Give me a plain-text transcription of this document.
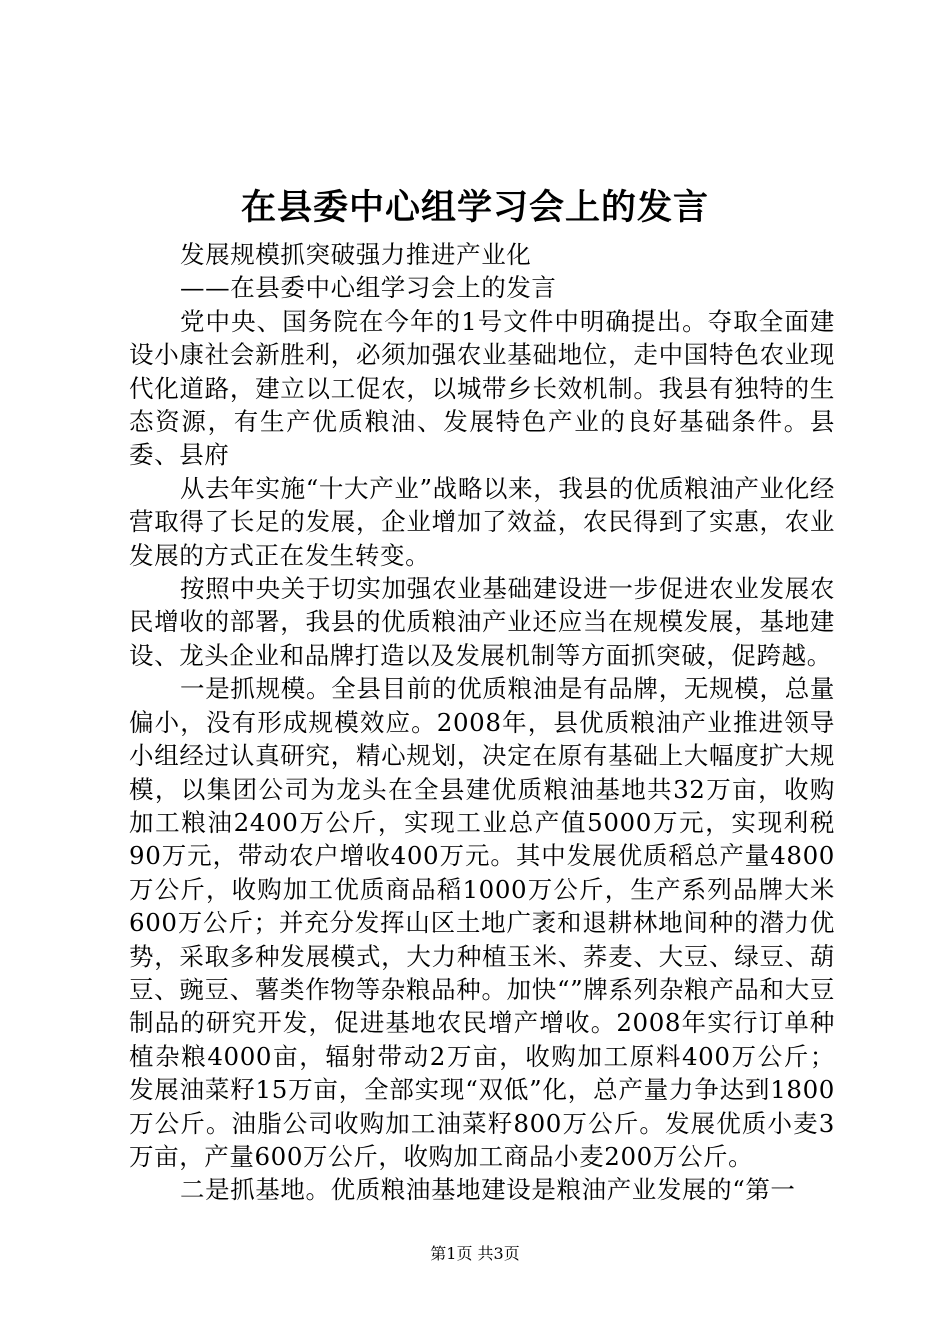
在县委中心组学习会上的发言

发展规模抓突破强力推进产业化

——在县委中心组学习会上的发言

党中央、国务院在今年的1号文件中明确提出。夺取全面建设小康社会新胜利，必须加强农业基础地位，走中国特色农业现代化道路，建立以工促农，以城带乡长效机制。我县有独特的生态资源，有生产优质粮油、发展特色产业的良好基础条件。县委、县府

从去年实施“十大产业”战略以来，我县的优质粮油产业化经营取得了长足的发展，企业增加了效益，农民得到了实惠，农业发展的方式正在发生转变。

按照中央关于切实加强农业基础建设进一步促进农业发展农民增收的部署，我县的优质粮油产业还应当在规模发展，基地建设、龙头企业和品牌打造以及发展机制等方面抓突破，促跨越。

一是抓规模。全县目前的优质粮油是有品牌，无规模，总量偏小，没有形成规模效应。2008年，县优质粮油产业推进领导小组经过认真研究，精心规划，决定在原有基础上大幅度扩大规模，以集团公司为龙头在全县建优质粮油基地共32万亩，收购加工粮油2400万公斤，实现工业总产值5000万元，实现利税90万元，带动农户增收400万元。其中发展优质稻总产量4800万公斤，收购加工优质商品稻1000万公斤，生产系列品牌大米600万公斤；并充分发挥山区土地广袤和退耕林地间种的潜力优势，采取多种发展模式，大力种植玉米、荞麦、大豆、绿豆、葫豆、豌豆、薯类作物等杂粮品种。加快“”牌系列杂粮产品和大豆制品的研究开发，促进基地农民增产增收。2008年实行订单种植杂粮4000亩，辐射带动2万亩，收购加工原料400万公斤；发展油菜籽15万亩，全部实现“双低”化，总产量力争达到1800万公斤。油脂公司收购加工油菜籽800万公斤。发展优质小麦3万亩，产量600万公斤，收购加工商品小麦200万公斤。

二是抓基地。优质粮油基地建设是粮油产业发展的“第一

第1页 共3页
